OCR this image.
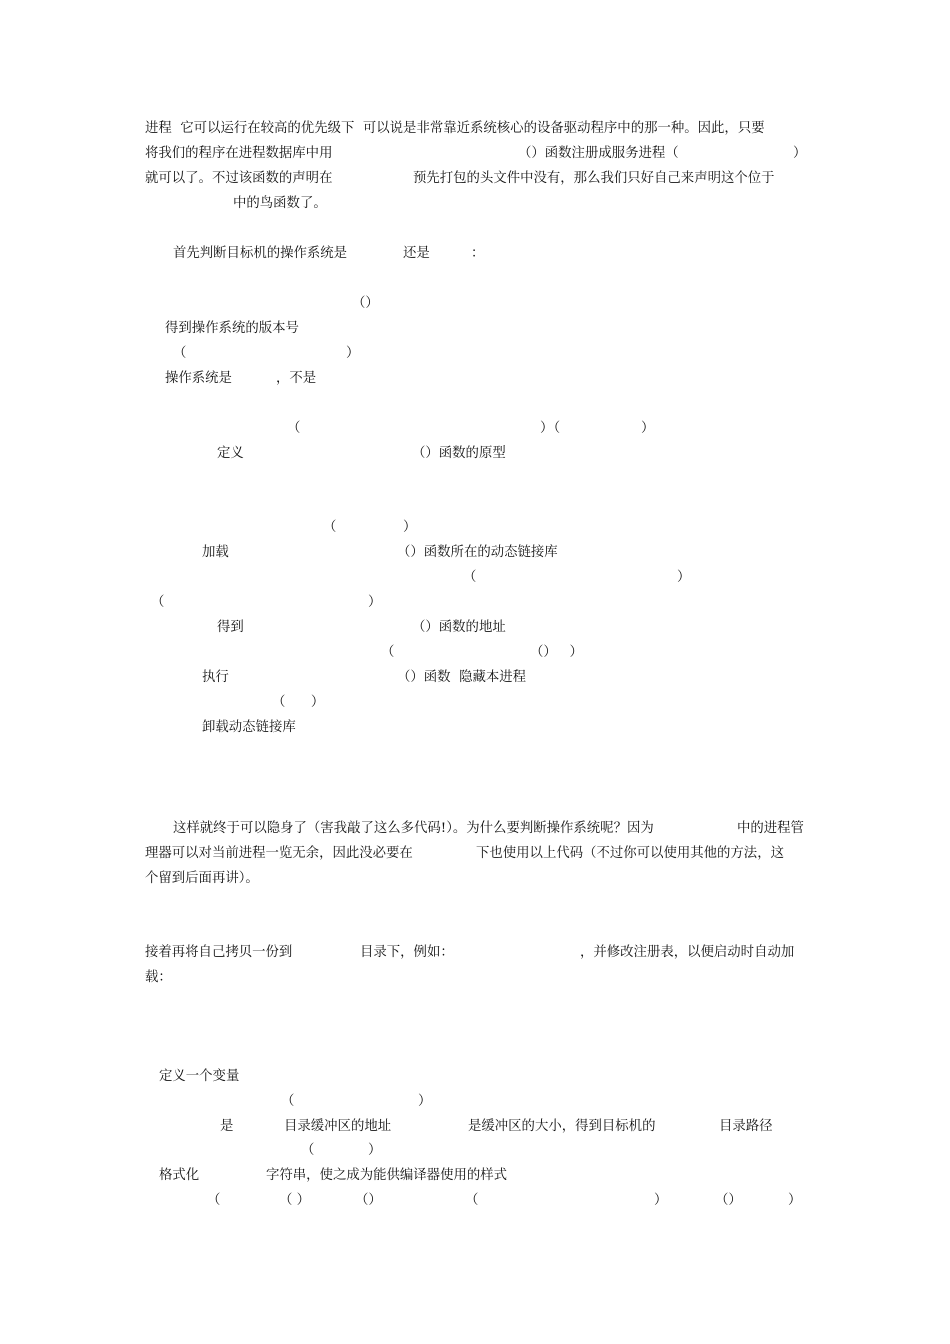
进程  它可以运行在较高的优先级下  可以说是非常靠近系统核心的设备驱动程序中的那一种。因此，只要
将我们的程序在进程数据库中用	（）函数注册成服务进程（	）
就可以了。不过该函数的声明在	预先打包的头文件中没有，那么我们只好自己来声明这个位于
中的鸟函数了。
首先判断目标机的操作系统是	还是	：
（）
得到操作系统的版本号
（	）
操作系统是	，不是
（	）（	）
定义	（）函数的原型
（	）
加载	（）函数所在的动态链接库
（	）
（	）
得到	（）函数的地址
（	（）   ）
执行	（）函数  隐藏本进程
（      ）
卸载动态链接库
这样就终于可以隐身了（害我敲了这么多代码!）。为什么要判断操作系统呢？因为	中的进程管
理器可以对当前进程一览无余，因此没必要在	下也使用以上代码（不过你可以使用其他的方法，这
个留到后面再讲）。
接着再将自己拷贝一份到	目录下，例如：	，并修改注册表，以便启动时自动加
载：
定义一个变量
（	）
是	目录缓冲区的地址	是缓冲区的大小，得到目标机的	目录路径
（	）
格式化	字符串，使之成为能供编译器使用的样式
（	（ ）	（）	（	）	（）	）
